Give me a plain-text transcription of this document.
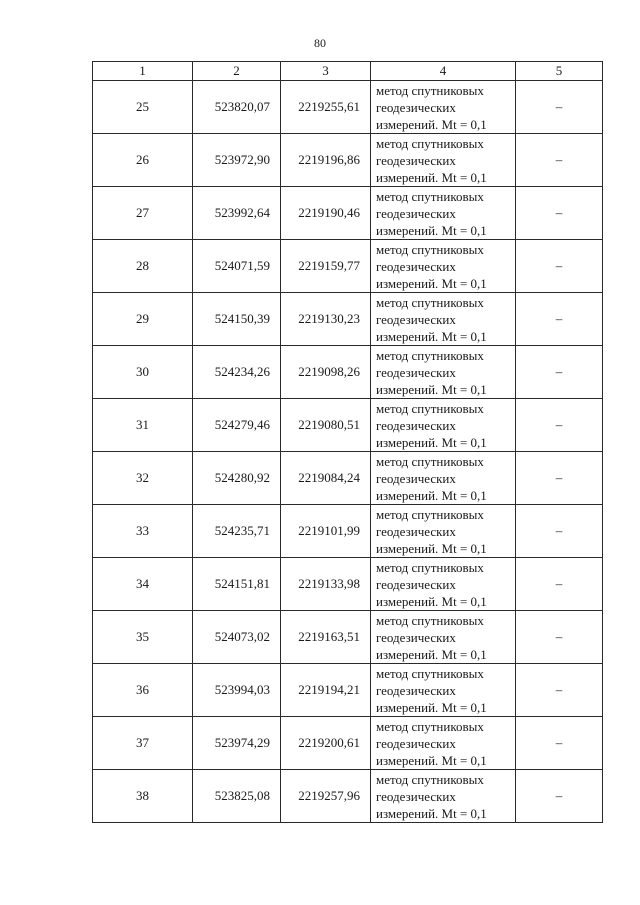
80
1	2	3	4	5
25	523820,07	2219255,61	метод спутниковых
геодезических
измерений. Mt = 0,1	–
26	523972,90	2219196,86	метод спутниковых
геодезических
измерений. Mt = 0,1	–
27	523992,64	2219190,46	метод спутниковых
геодезических
измерений. Mt = 0,1	–
28	524071,59	2219159,77	метод спутниковых
геодезических
измерений. Mt = 0,1	–
29	524150,39	2219130,23	метод спутниковых
геодезических
измерений. Mt = 0,1	–
30	524234,26	2219098,26	метод спутниковых
геодезических
измерений. Mt = 0,1	–
31	524279,46	2219080,51	метод спутниковых
геодезических
измерений. Mt = 0,1	–
32	524280,92	2219084,24	метод спутниковых
геодезических
измерений. Mt = 0,1	–
33	524235,71	2219101,99	метод спутниковых
геодезических
измерений. Mt = 0,1	–
34	524151,81	2219133,98	метод спутниковых
геодезических
измерений. Mt = 0,1	–
35	524073,02	2219163,51	метод спутниковых
геодезических
измерений. Mt = 0,1	–
36	523994,03	2219194,21	метод спутниковых
геодезических
измерений. Mt = 0,1	–
37	523974,29	2219200,61	метод спутниковых
геодезических
измерений. Mt = 0,1	–
38	523825,08	2219257,96	метод спутниковых
геодезических
измерений. Mt = 0,1	–
